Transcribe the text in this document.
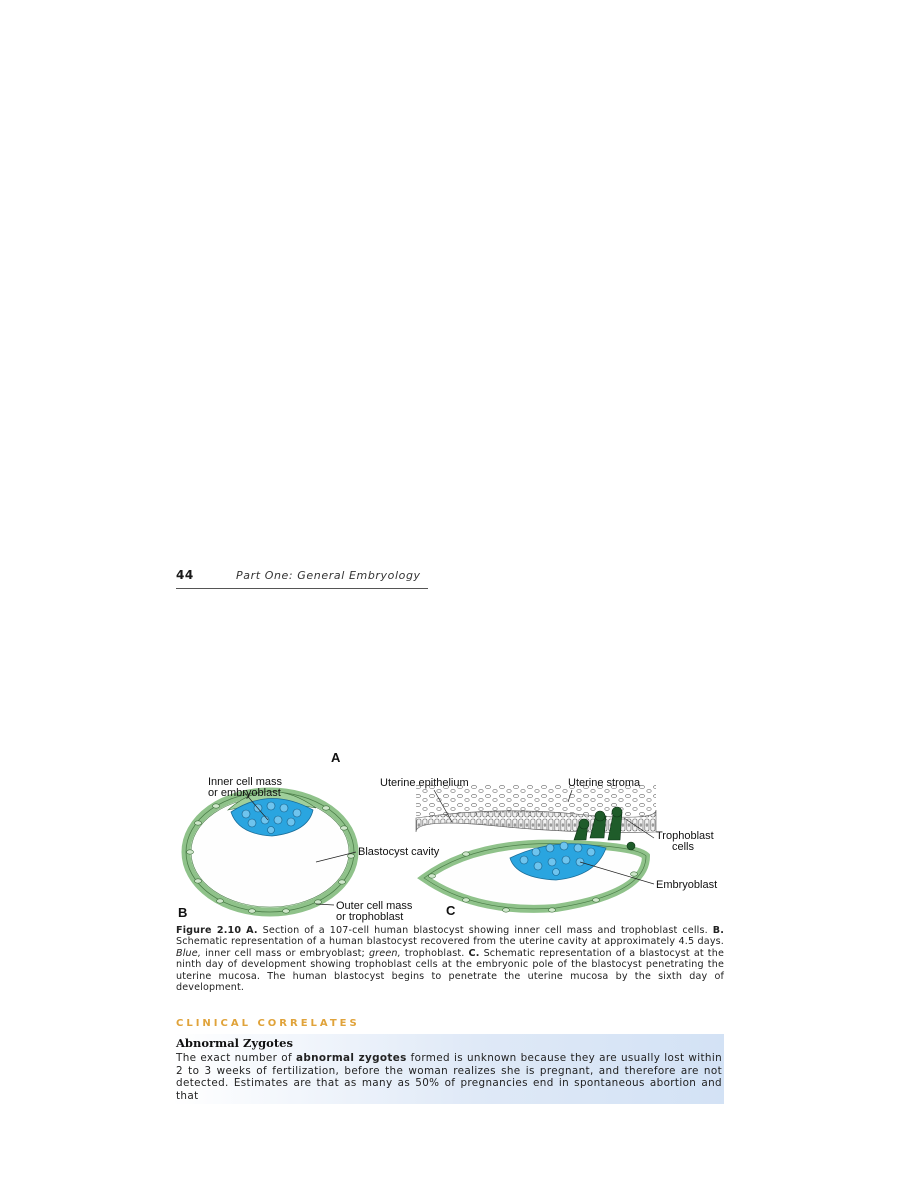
44	Part One: General Embryology
A
B	C
Inner cell mass
or embryoblast
Blastocyst cavity
Outer cell mass
or trophoblast
Uterine epithelium	Uterine stroma
Trophoblast
cells
Embryoblast
Figure 2.10 A. Section of a 107-cell human blastocyst showing inner cell mass and trophoblast cells. B. Schematic representation of a human blastocyst recovered from the uterine cavity at approximately 4.5 days. Blue, inner cell mass or embryoblast; green, trophoblast. C. Schematic representation of a blastocyst at the ninth day of development showing trophoblast cells at the embryonic pole of the blastocyst penetrating the uterine mucosa. The human blastocyst begins to penetrate the uterine mucosa by the sixth day of development.
CLINICAL CORRELATES
Abnormal Zygotes
The exact number of abnormal zygotes formed is unknown because they are usually lost within 2 to 3 weeks of fertilization, before the woman realizes she is pregnant, and therefore are not detected. Estimates are that as many as 50% of pregnancies end in spontaneous abortion and that
